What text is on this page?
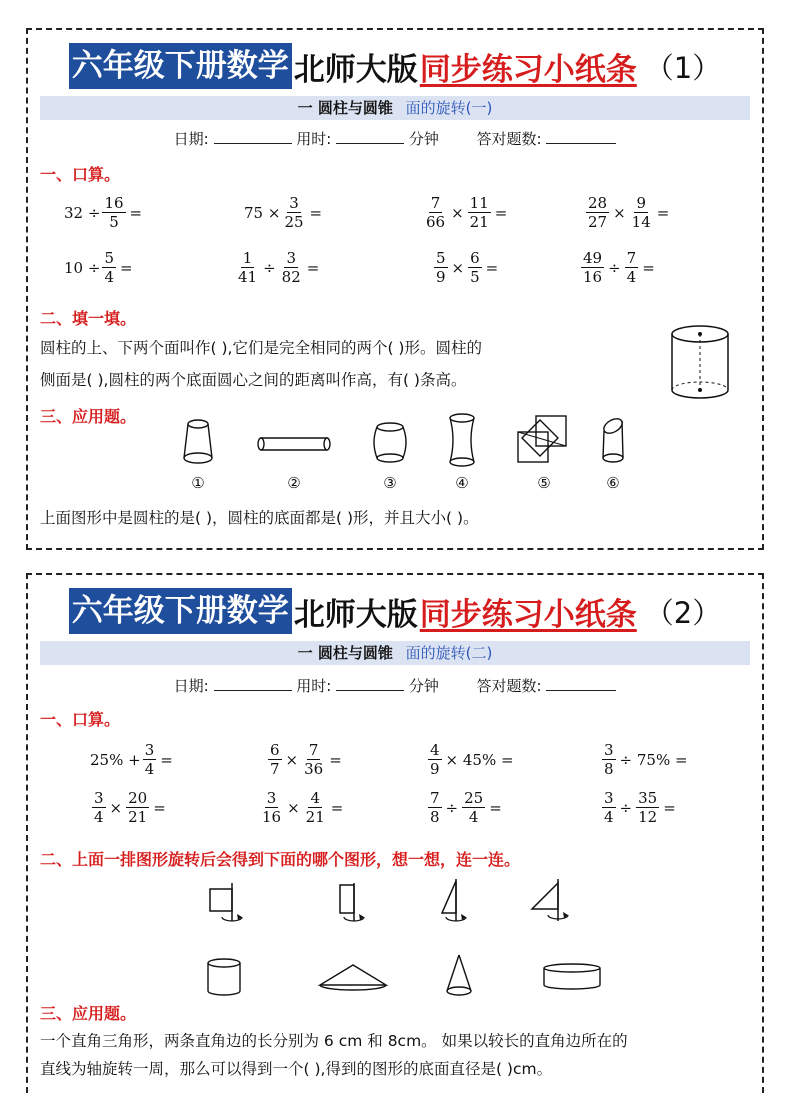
六年级下册数学 北师大版 同步练习小纸条 （1）
一 圆柱与圆锥 面的旋转(一)
日期:	用时:	分钟	答对题数:
一、口算。
$32 \div \frac{16}{5}$ =	$75 \times \frac{3}{25}$ =	$\frac{7}{66} \times \frac{11}{21}$ =	$\frac{28}{27} \times \frac{9}{14}$ =
$10 \div \frac{5}{4}$ =	$\frac{1}{41} \div \frac{3}{82}$ =	$\frac{5}{9} \times \frac{6}{5}$ =	$\frac{49}{16} \div \frac{7}{4}$ =
二、填一填。
圆柱的上、下两个面叫作( ),它们是完全相同的两个( )形。圆柱的
侧面是( ),圆柱的两个底面圆心之间的距离叫作高，有( )条高。
三、应用题。
①	②	③	④	⑤	⑥
上面图形中是圆柱的是( )，圆柱的底面都是( )形，并且大小( )。
六年级下册数学 北师大版 同步练习小纸条 （2）
一 圆柱与圆锥 面的旋转(二)
日期:	用时:	分钟	答对题数:
一、口算。
$25\% + \frac{3}{4}$ =	$\frac{6}{7} \times \frac{7}{36}$ =	$\frac{4}{9} \times 45\%$ =	$\frac{3}{8} \div 75\%$ =
$\frac{3}{4} \times \frac{20}{21}$ =	$\frac{3}{16} \times \frac{4}{21}$ =	$\frac{7}{8} \div \frac{25}{4}$ =	$\frac{3}{4} \div \frac{35}{12}$ =
二、上面一排图形旋转后会得到下面的哪个图形，想一想，连一连。
三、应用题。
一个直角三角形，两条直角边的长分别为 6 cm 和 8cm。 如果以较长的直角边所在的
直线为轴旋转一周，那么可以得到一个( ),得到的图形的底面直径是( )cm。
